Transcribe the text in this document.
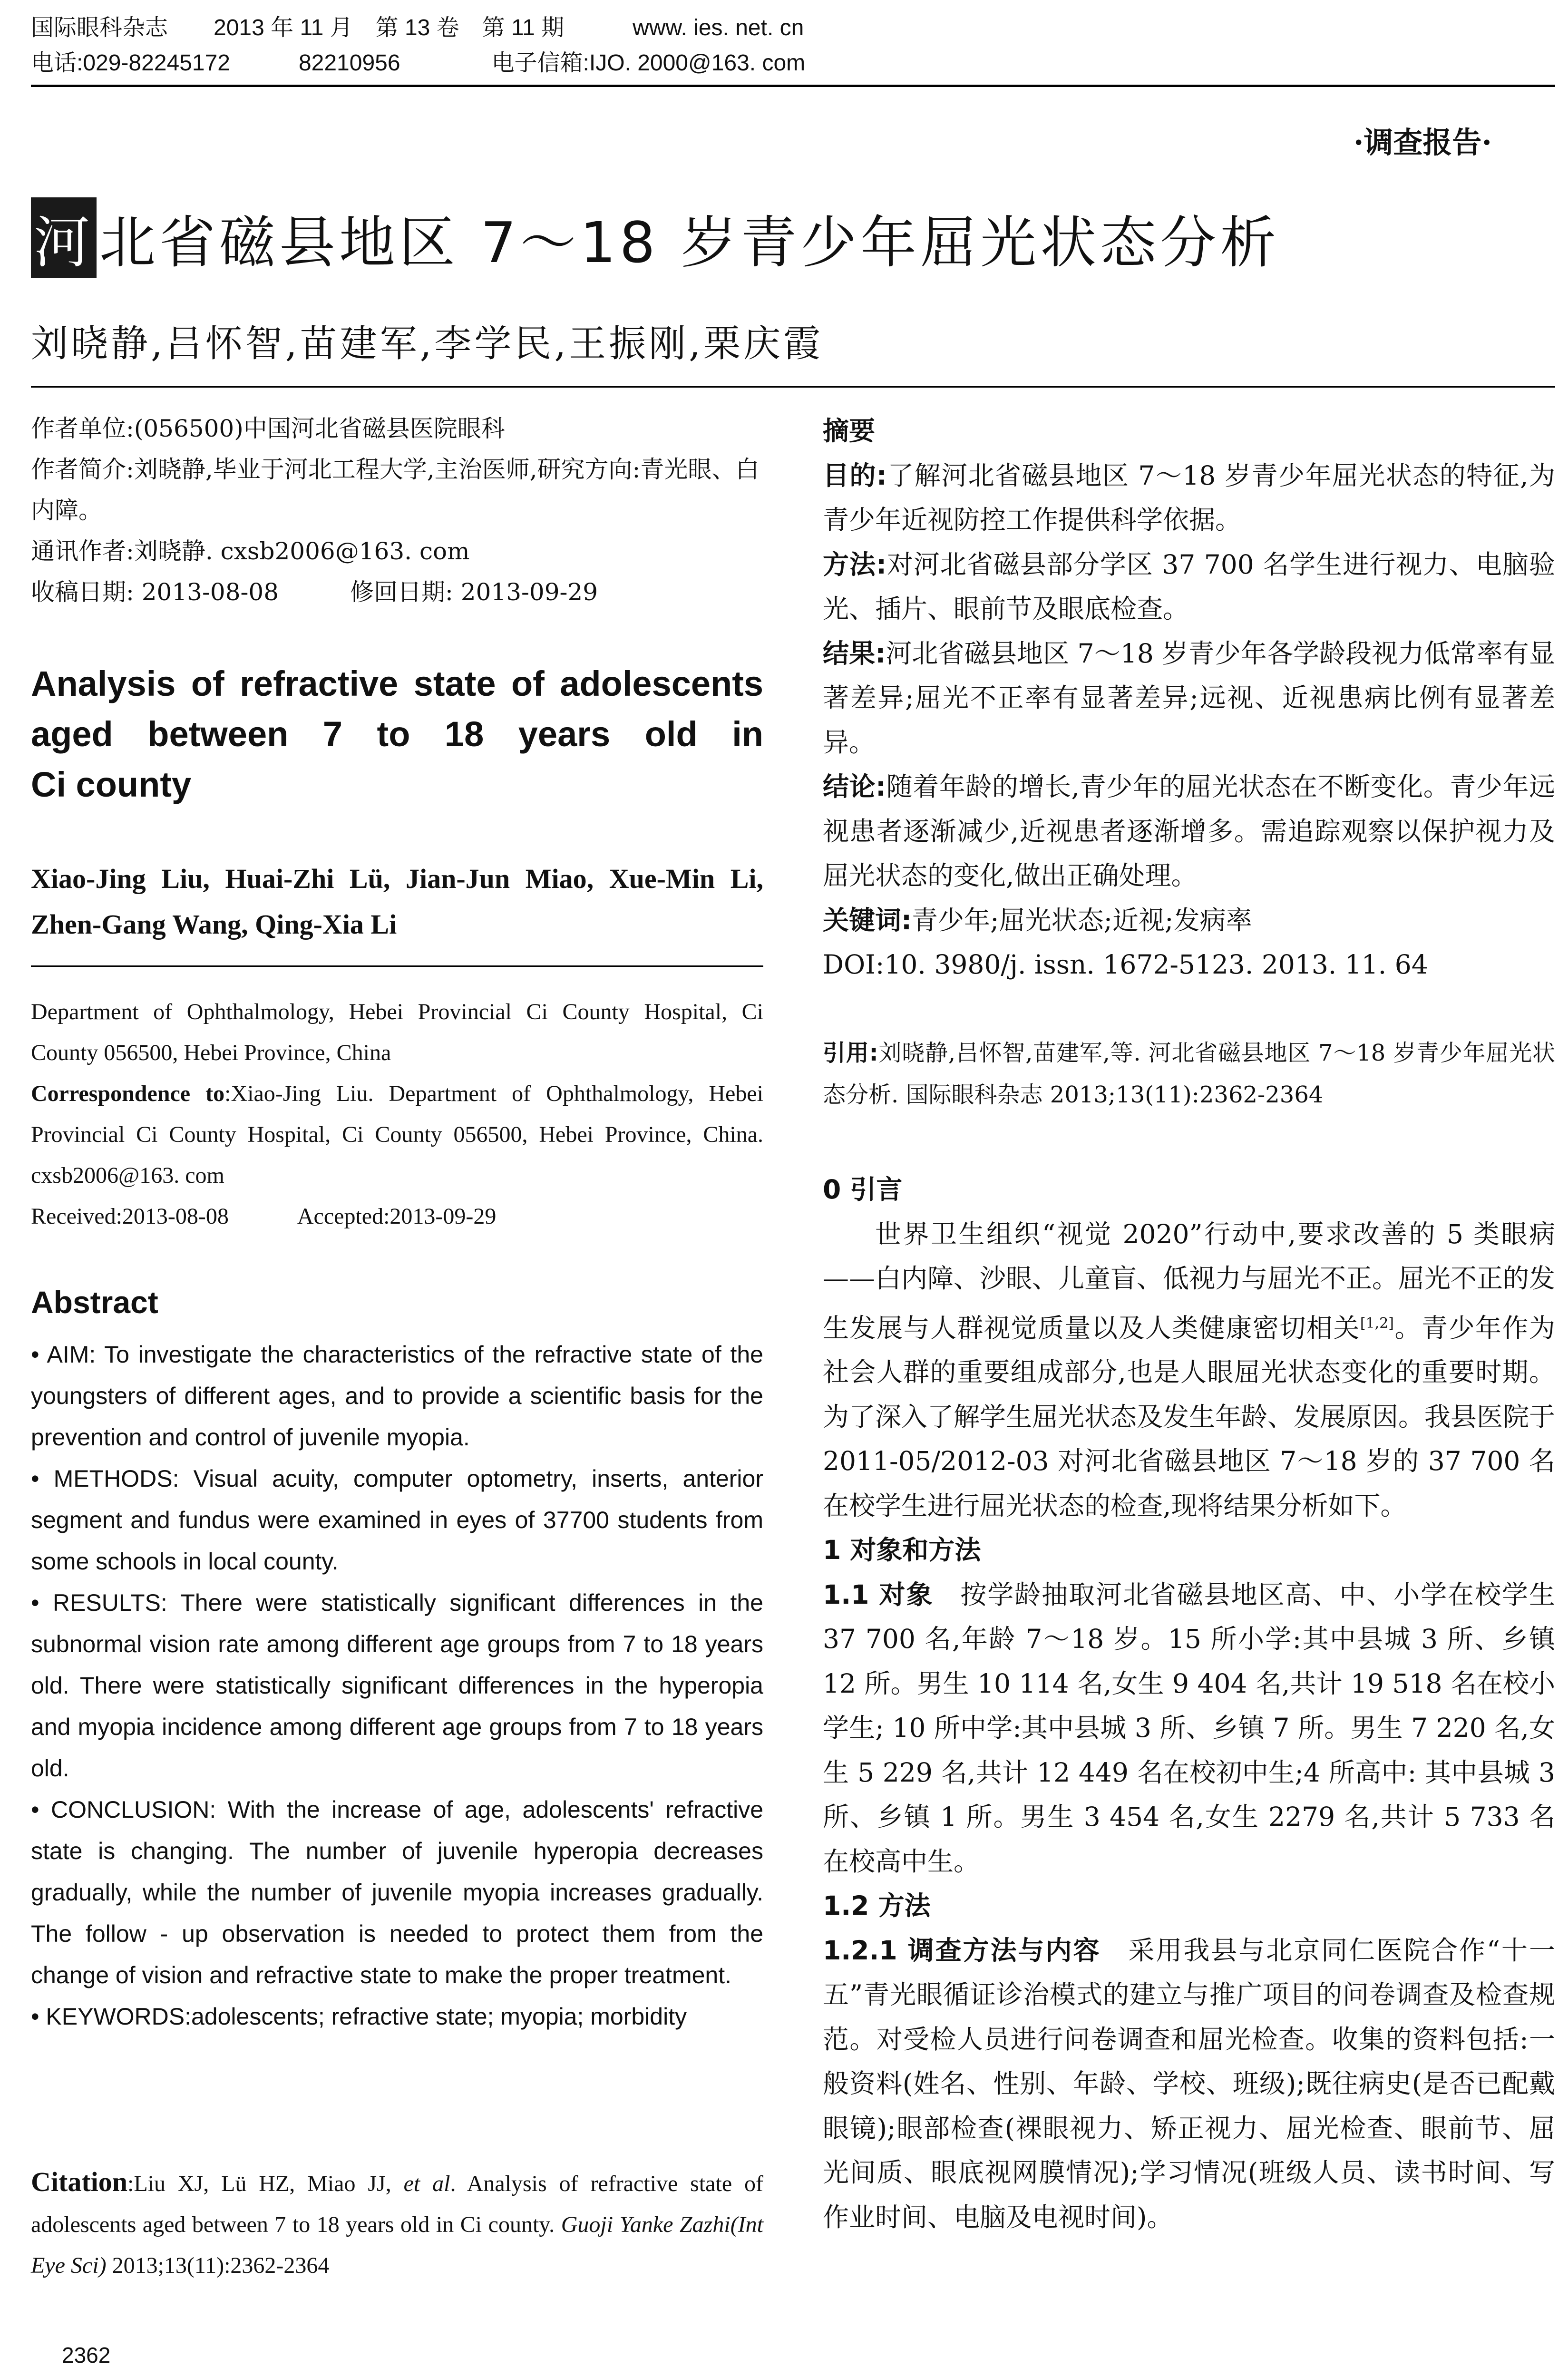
国际眼科杂志　　2013 年 11 月　第 13 卷　第 11 期　　　www. ies. net. cn
电话:029-82245172　　　82210956　　　　电子信箱:IJO. 2000@163. com
·调查报告·
河 北省磁县地区 7～18 岁青少年屈光状态分析
刘晓静,吕怀智,苗建军,李学民,王振刚,栗庆霞
作者单位:(056500)中国河北省磁县医院眼科
作者简介:刘晓静,毕业于河北工程大学,主治医师,研究方向:青光眼、白内障。
通讯作者:刘晓静. cxsb2006@163. com
收稿日期: 2013-08-08　　　修回日期: 2013-09-29
Analysis of refractive state of adolescents
aged between 7 to 18 years old in
Ci county
Xiao-Jing Liu, Huai-Zhi Lü, Jian-Jun Miao, Xue-Min Li, Zhen-Gang Wang, Qing-Xia Li
Department of Ophthalmology, Hebei Provincial Ci County Hospital, Ci County 056500, Hebei Province, China
Correspondence to:Xiao-Jing Liu. Department of Ophthalmology, Hebei Provincial Ci County Hospital, Ci County 056500, Hebei Province, China. cxsb2006@163. com
Received:2013-08-08　　　Accepted:2013-09-29
Abstract

• AIM: To investigate the characteristics of the refractive state of the youngsters of different ages, and to provide a scientific basis for the prevention and control of juvenile myopia.

• METHODS: Visual acuity, computer optometry, inserts, anterior segment and fundus were examined in eyes of 37700 students from some schools in local county.

• RESULTS: There were statistically significant differences in the subnormal vision rate among different age groups from 7 to 18 years old. There were statistically significant differences in the hyperopia and myopia incidence among different age groups from 7 to 18 years old.

• CONCLUSION: With the increase of age, adolescents' refractive state is changing. The number of juvenile hyperopia decreases gradually, while the number of juvenile myopia increases gradually. The follow - up observation is needed to protect them from the change of vision and refractive state to make the proper treatment.

• KEYWORDS:adolescents; refractive state; myopia; morbidity

Citation:Liu XJ, Lü HZ, Miao JJ, et al. Analysis of refractive state of adolescents aged between 7 to 18 years old in Ci county. Guoji Yanke Zazhi(Int Eye Sci) 2013;13(11):2362-2364

摘要

目的:了解河北省磁县地区 7～18 岁青少年屈光状态的特征,为青少年近视防控工作提供科学依据。

方法:对河北省磁县部分学区 37 700 名学生进行视力、电脑验光、插片、眼前节及眼底检查。

结果:河北省磁县地区 7～18 岁青少年各学龄段视力低常率有显著差异;屈光不正率有显著差异;远视、近视患病比例有显著差异。

结论:随着年龄的增长,青少年的屈光状态在不断变化。青少年远视患者逐渐减少,近视患者逐渐增多。需追踪观察以保护视力及屈光状态的变化,做出正确处理。

关键词:青少年;屈光状态;近视;发病率

DOI:10. 3980/j. issn. 1672-5123. 2013. 11. 64

引用:刘晓静,吕怀智,苗建军,等. 河北省磁县地区 7～18 岁青少年屈光状态分析. 国际眼科杂志 2013;13(11):2362-2364

0 引言

世界卫生组织“视觉 2020”行动中,要求改善的 5 类眼病——白内障、沙眼、儿童盲、低视力与屈光不正。屈光不正的发生发展与人群视觉质量以及人类健康密切相关[1,2]。青少年作为社会人群的重要组成部分,也是人眼屈光状态变化的重要时期。为了深入了解学生屈光状态及发生年龄、发展原因。我县医院于 2011-05/2012-03 对河北省磁县地区 7～18 岁的 37 700 名在校学生进行屈光状态的检查,现将结果分析如下。

1 对象和方法

1.1 对象　按学龄抽取河北省磁县地区高、中、小学在校学生 37 700 名,年龄 7～18 岁。15 所小学:其中县城 3 所、乡镇 12 所。男生 10 114 名,女生 9 404 名,共计 19 518 名在校小学生; 10 所中学:其中县城 3 所、乡镇 7 所。男生 7 220 名,女生 5 229 名,共计 12 449 名在校初中生;4 所高中: 其中县城 3 所、乡镇 1 所。男生 3 454 名,女生 2279 名,共计 5 733 名在校高中生。

1.2 方法

1.2.1 调查方法与内容　采用我县与北京同仁医院合作“十一五”青光眼循证诊治模式的建立与推广项目的问卷调查及检查规范。对受检人员进行问卷调查和屈光检查。收集的资料包括:一般资料(姓名、性别、年龄、学校、班级);既往病史(是否已配戴眼镜);眼部检查(裸眼视力、矫正视力、屈光检查、眼前节、屈光间质、眼底视网膜情况);学习情况(班级人员、读书时间、写作业时间、电脑及电视时间)。

2362
